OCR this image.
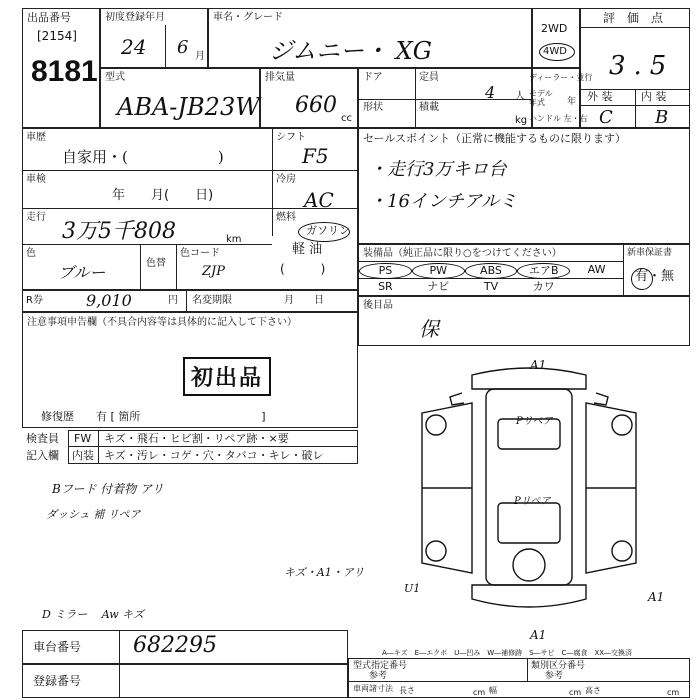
出品番号
[2154]
8181
初度登録年月
24 6 月
車名・グレード
ジムニー・ XG
2WD
4WD
評　価　点
3.5
外 装	内 装
C B
型式
ABA-JB23W
排気量
660
cc
ドア	定員
4 人
形状	積載
kg
ディーラー・並行
モデル年式	年
ハンドル 左・右
車歴
自家用・(　　　　　　)
シフト
F5
車検
年　　月(　　日)
冷房
AC
走行
3万5千808	km
燃料
ガソリン
軽 油
(　　　)
色
ブルー	色替
色コード
ZJP
R券	9,010	円 名変期限	月　　日
セールスポイント（正常に機能するものに限ります）
・走行3万キロ台
・16インチアルミ
装備品（純正品に限り○をつけてください）	新車保証書
有・無
PS	PW	ABS	エアB	AW
SR	ナビ	TV	カワ
後目品
保
注意事項申告欄（不具合内容等は具体的に記入して下さい）
初出品
修復歴　　有 [ 箇所　　　　　　　　　　　]
検査員
記入欄
FW キズ・飛石・ヒビ割・リペア跡・×要
内装 キズ・汚レ・コゲ・穴・タバコ・キレ・破レ
Bフード 付着物 アリ
ダッシュ 補 リペア
キズ・A1・アリ
D ミラー　 Aw キズ
A1
Pリペア
Pリペア
U1
A1
A1
A―キズ　E―エクボ　U―凹み　W―補修跡　S―サビ　C―腐食　XX―交換済
車台番号 682295
登録番号
型式指定番号
参考
類別区分番号
参考
車両諸寸法 長さ	cm 幅	cm 高さ	cm
